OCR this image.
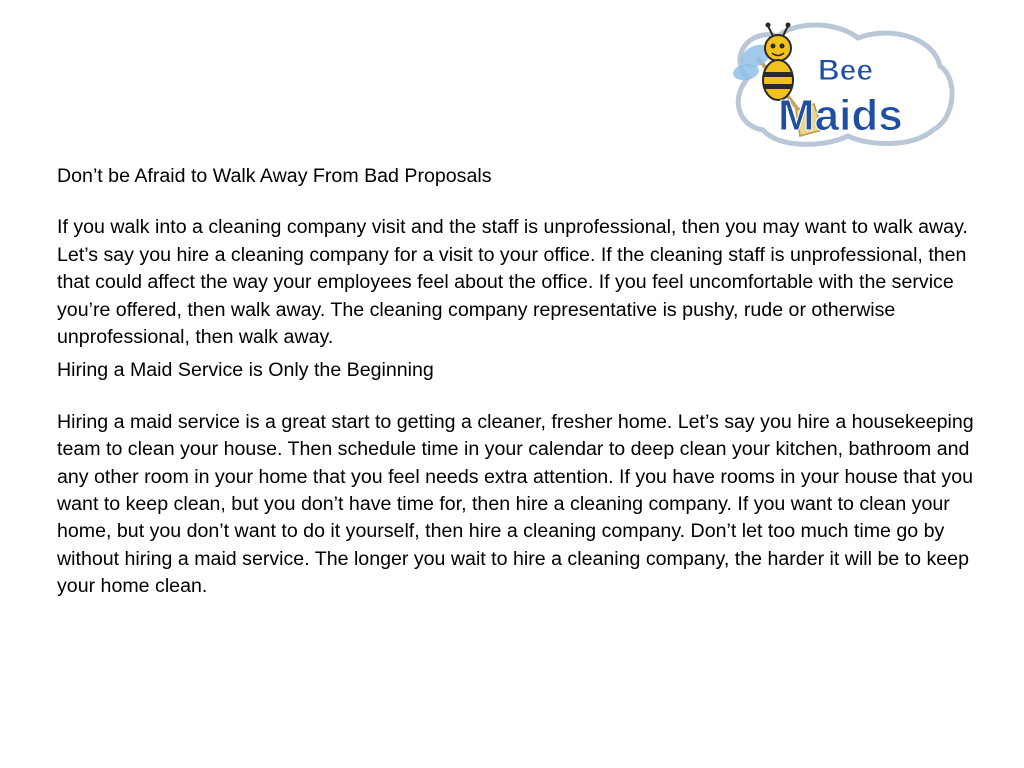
Bee
Maids

Don’t be Afraid to Walk Away From Bad Proposals

If you walk into a cleaning company visit and the staff is unprofessional, then you may want to walk away. Let’s say you hire a cleaning company for a visit to your office. If the cleaning staff is unprofessional, then that could affect the way your employees feel about the office. If you feel uncomfortable with the service you’re offered, then walk away. The cleaning company representative is pushy, rude or otherwise unprofessional, then walk away.

Hiring a Maid Service is Only the Beginning

Hiring a maid service is a great start to getting a cleaner, fresher home. Let’s say you hire a housekeeping team to clean your house. Then schedule time in your calendar to deep clean your kitchen, bathroom and any other room in your home that you feel needs extra attention. If you have rooms in your house that you want to keep clean, but you don’t have time for, then hire a cleaning company. If you want to clean your home, but you don’t want to do it yourself, then hire a cleaning company. Don’t let too much time go by without hiring a maid service. The longer you wait to hire a cleaning company, the harder it will be to keep your home clean.
